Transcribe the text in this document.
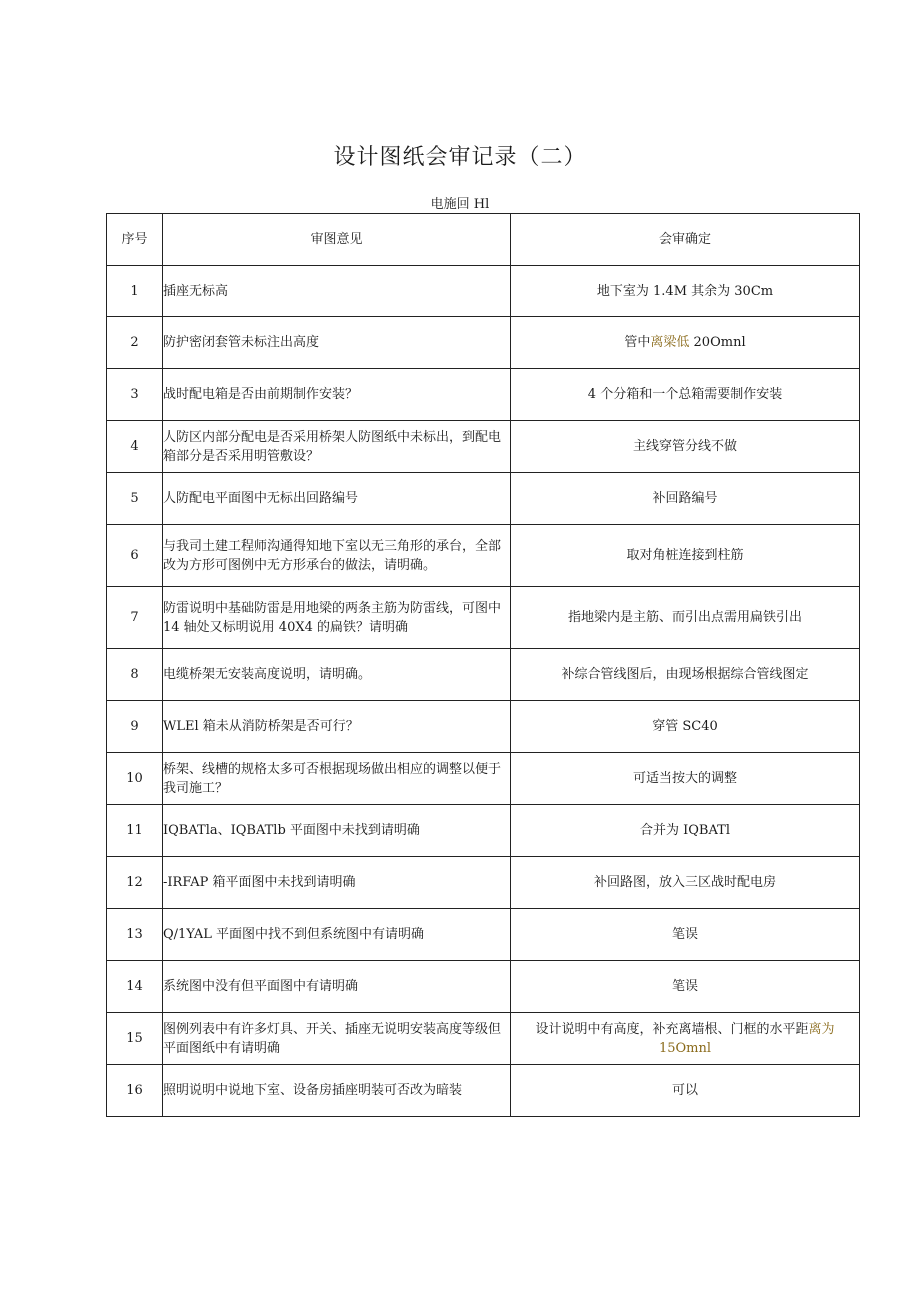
设计图纸会审记录（二）
电施回 Hl
序号	审图意见	会审确定
1	插座无标高	地下室为 1.4M 其余为 30Cm
2	防护密闭套管未标注出高度	管中离梁低 20Omnl
3	战时配电箱是否由前期制作安装？	4 个分箱和一个总箱需要制作安装
4	人防区内部分配电是否采用桥架人防图纸中未标出，到配电箱部分是否采用明管敷设？	主线穿管分线不做
5	人防配电平面图中无标出回路编号	补回路编号
6	与我司土建工程师沟通得知地下室以无三角形的承台，全部改为方形可图例中无方形承台的做法，请明确。	取对角桩连接到柱筋
7	防雷说明中基础防雷是用地梁的两条主筋为防雷线，可图中 14 轴处又标明说用 40X4 的扁铁？请明确	指地梁内是主筋、而引出点需用扁铁引出
8	电缆桥架无安装高度说明，请明确。	补综合管线图后，由现场根据综合管线图定
9	WLEl 箱未从消防桥架是否可行？	穿管 SC40
10	桥架、线槽的规格太多可否根据现场做出相应的调整以便于我司施工？	可适当按大的调整
11	IQBATla、IQBATlb 平面图中未找到请明确	合并为 IQBATl
12	-IRFAP 箱平面图中未找到请明确	补回路图，放入三区战时配电房
13	Q/1YAL 平面图中找不到但系统图中有请明确	笔误
14	系统图中没有但平面图中有请明确	笔误
15	图例列表中有许多灯具、开关、插座无说明安装高度等级但平面图纸中有请明确	设计说明中有高度，补充离墙根、门框的水平距离为 15Omnl
16	照明说明中说地下室、设备房插座明装可否改为暗装	可以
